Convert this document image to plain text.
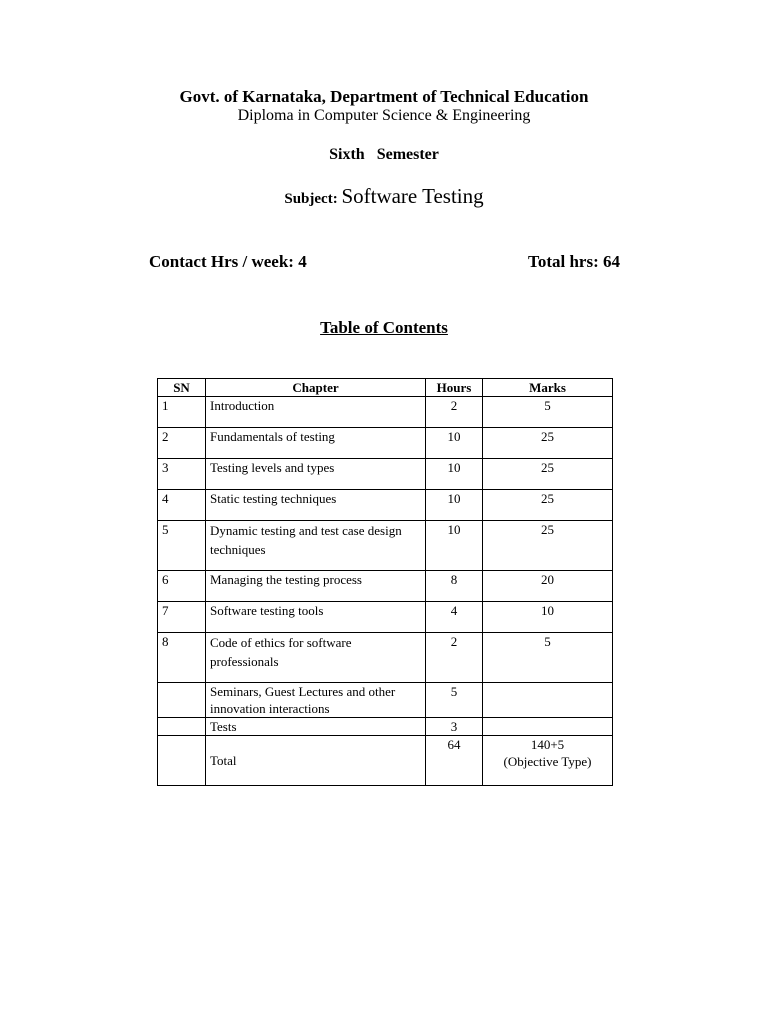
Govt. of Karnataka, Department of Technical Education
Diploma in Computer Science & Engineering
Sixth Semester
Subject: Software Testing
Contact Hrs / week: 4	Total hrs: 64
Table of Contents
SN	Chapter	Hours	Marks
1	Introduction	2	5
2	Fundamentals of testing	10	25
3	Testing levels and types	10	25
4	Static testing techniques	10	25
5	Dynamic testing and test case design techniques	10	25
6	Managing the testing process	8	20
7	Software testing tools	4	10
8	Code of ethics for software professionals	2	5
	Seminars, Guest Lectures and other innovation interactions	5	
	Tests	3	
	Total	64	140+5
(Objective Type)
